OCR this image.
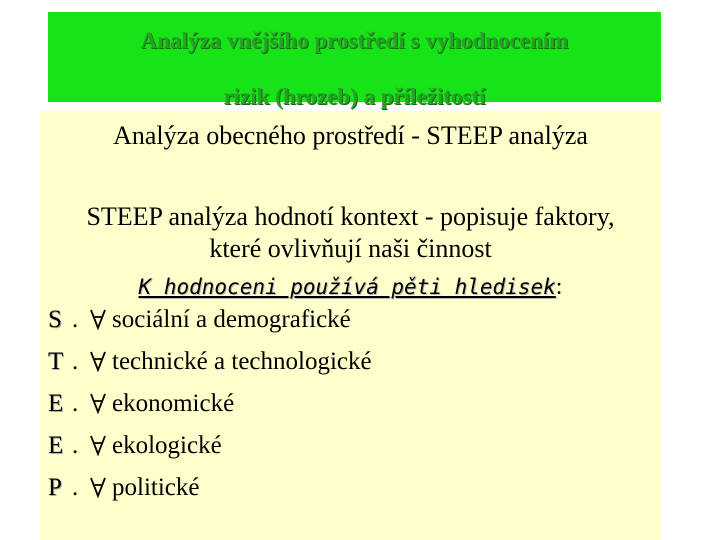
Analýza vnějšího prostředí s vyhodnocením
rizik (hrozeb) a příležitostí
Analýza obecného prostředí - STEEP analýza
STEEP analýza hodnotí kontext - popisuje faktory,
které ovlivňují naši činnost
K hodnoceni používá pěti hledisek:
S . sociální a demografické
T . technické a technologické
E . ekonomické
E . ekologické
P . politické
